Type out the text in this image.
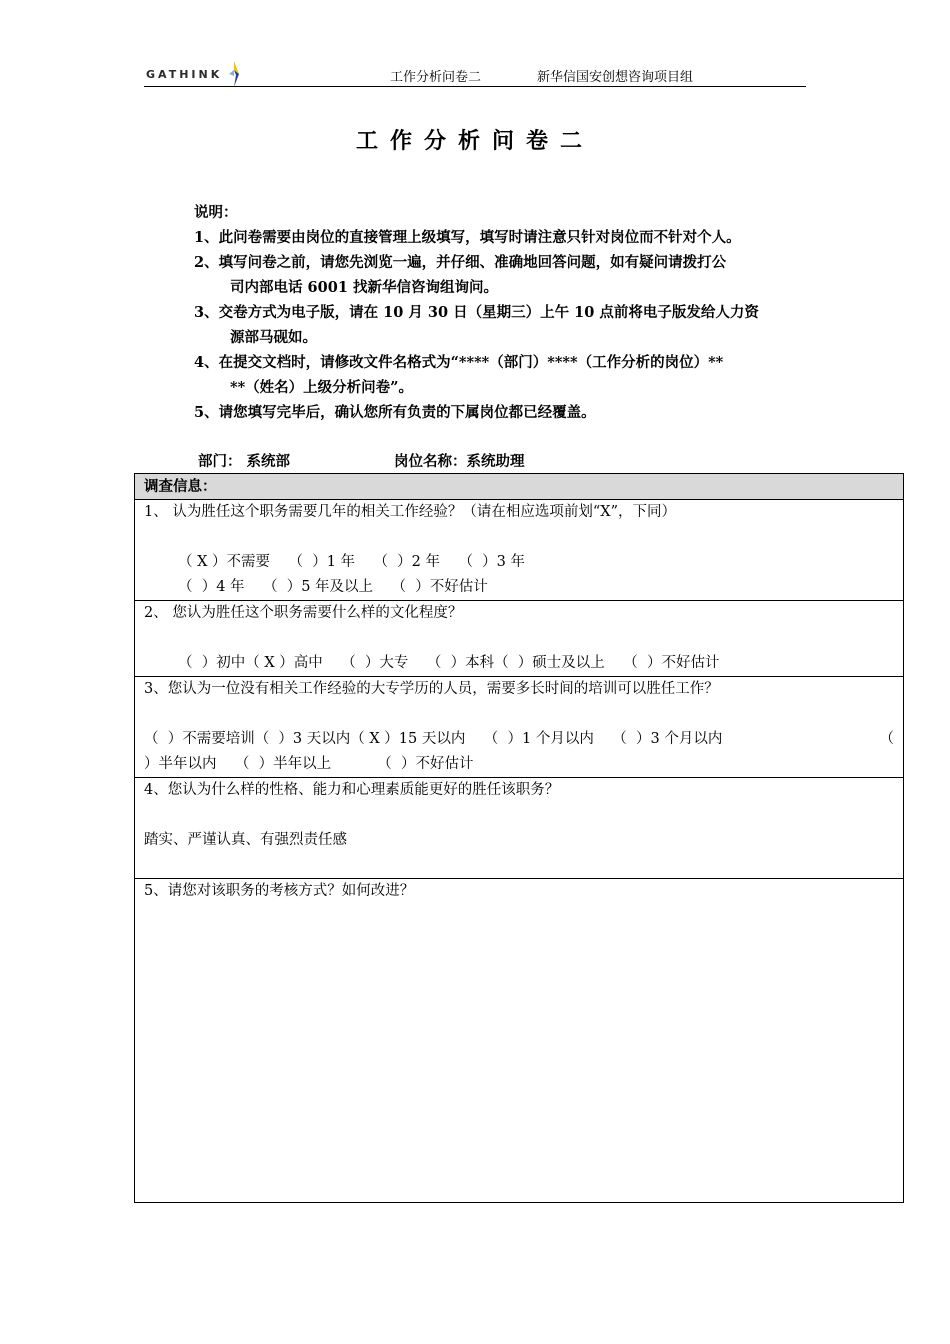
GATHINK	工作分析问卷二	新华信国安创想咨询项目组
工作分析问卷二
说明：
1、此问卷需要由岗位的直接管理上级填写，填写时请注意只针对岗位而不针对个人。
2、填写问卷之前，请您先浏览一遍，并仔细、准确地回答问题，如有疑问请拨打公
司内部电话 6001 找新华信咨询组询问。
3、交卷方式为电子版，请在 10 月 30 日（星期三）上午 10 点前将电子版发给人力资
源部马砚如。
4、在提交文档时，请修改文件名格式为“****（部门）****（工作分析的岗位）**
**（姓名）上级分析问卷”。
5、请您填写完毕后，确认您所有负责的下属岗位都已经覆盖。
部门： 系统部	岗位名称：系统助理
调查信息：

1、 认为胜任这个职务需要几年的相关工作经验？（请在相应选项前划“X”，下同）
（ X ）不需要    （  ）1 年    （  ）2 年    （  ）3 年
（  ）4 年    （  ）5 年及以上    （  ）不好估计

2、 您认为胜任这个职务需要什么样的文化程度？
（  ）初中（ X ）高中    （  ）大专    （  ）本科（  ）硕士及以上    （  ）不好估计

3、您认为一位没有相关工作经验的大专学历的人员，需要多长时间的培训可以胜任工作？
（  ）不需要培训（  ）3 天以内（ X ）15 天以内    （  ）1 个月以内    （  ）3 个月以内	（
）半年以内    （  ）半年以上          （  ）不好估计

4、您认为什么样的性格、能力和心理素质能更好的胜任该职务？
踏实、严谨认真、有强烈责任感

5、请您对该职务的考核方式？如何改进？
